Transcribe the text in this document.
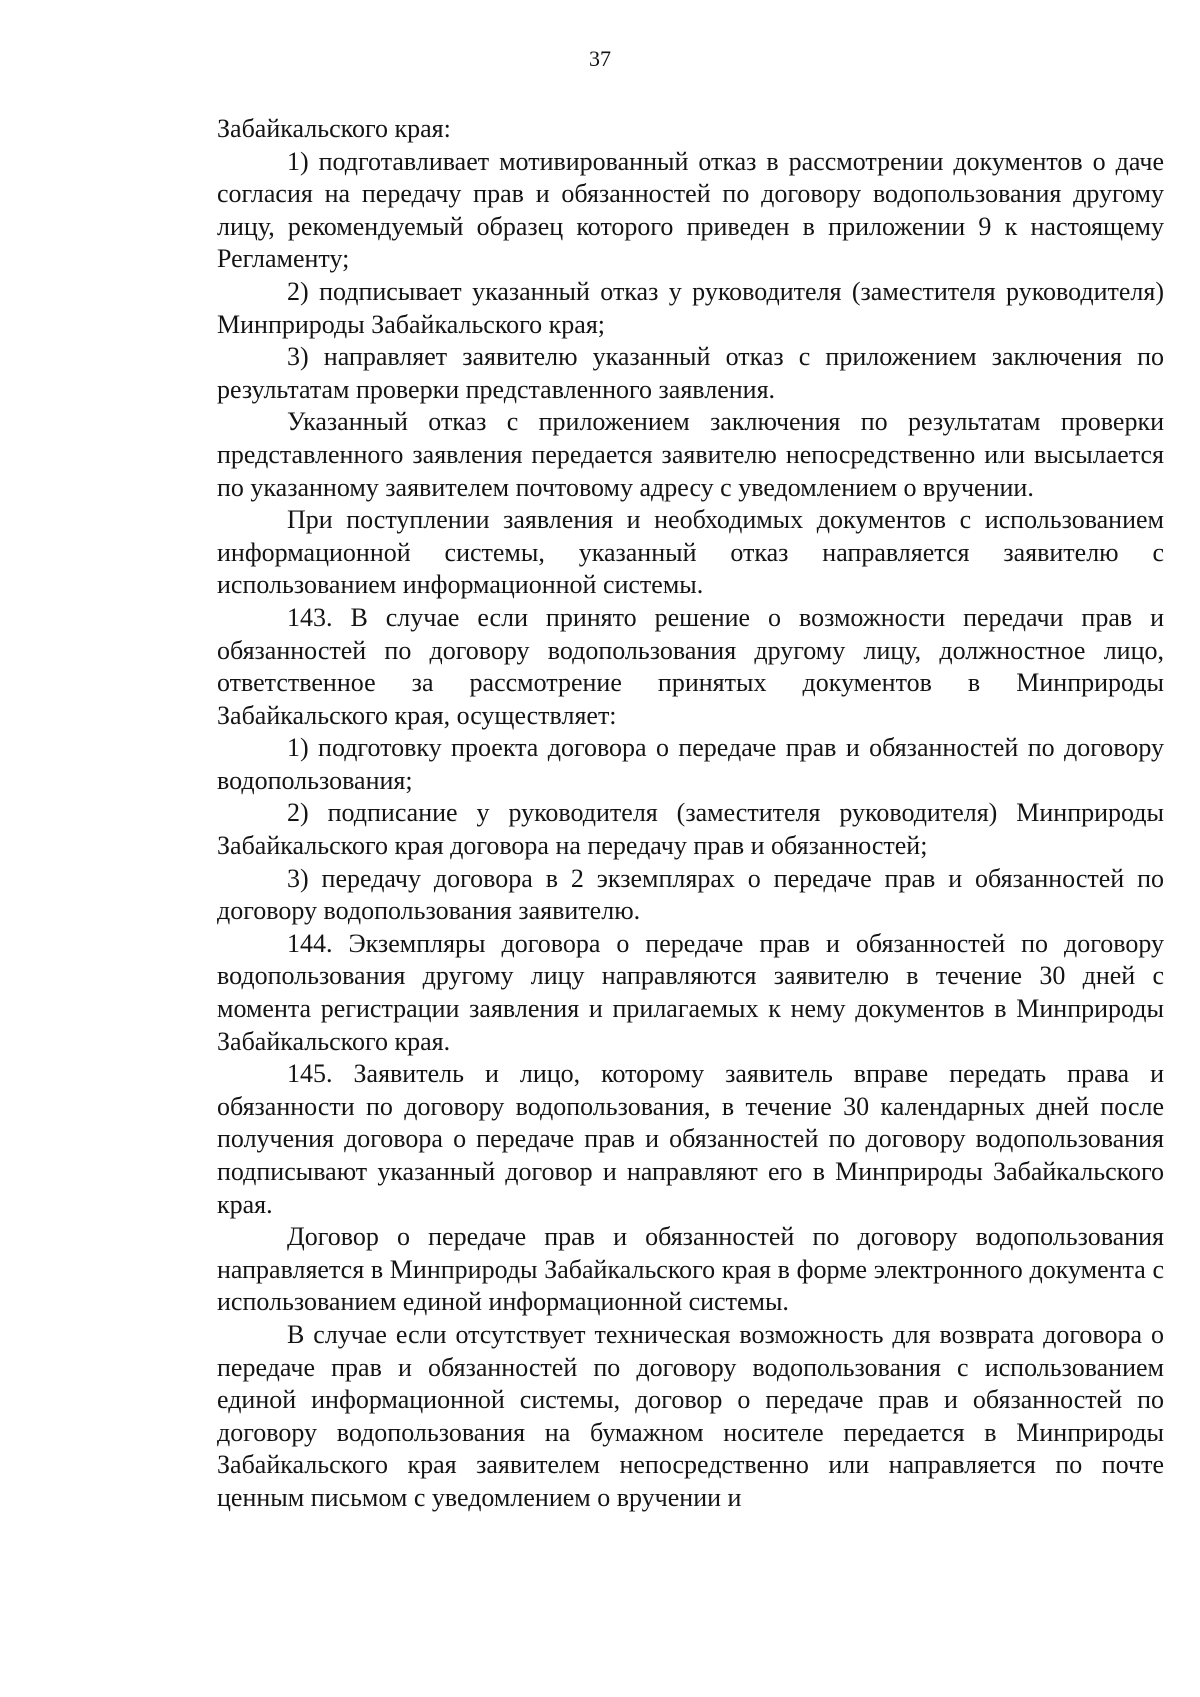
37

Забайкальского края:

1) подготавливает мотивированный отказ в рассмотрении документов о даче согласия на передачу прав и обязанностей по договору водопользования другому лицу, рекомендуемый образец которого приведен в приложении 9 к настоящему Регламенту;

2) подписывает указанный отказ у руководителя (заместителя руководителя) Минприроды Забайкальского края;

3) направляет заявителю указанный отказ с приложением заключения по результатам проверки представленного заявления.

Указанный отказ с приложением заключения по результатам проверки представленного заявления передается заявителю непосредственно или высылается по указанному заявителем почтовому адресу с уведомлением о вручении.

При поступлении заявления и необходимых документов с использованием информационной системы, указанный отказ направляется заявителю с использованием информационной системы.

143. В случае если принято решение о возможности передачи прав и обязанностей по договору водопользования другому лицу, должностное лицо, ответственное за рассмотрение принятых документов в Минприроды Забайкальского края, осуществляет:

1) подготовку проекта договора о передаче прав и обязанностей по договору водопользования;

2) подписание у руководителя (заместителя руководителя) Минприроды Забайкальского края договора на передачу прав и обязанностей;

3) передачу договора в 2 экземплярах о передаче прав и обязанностей по договору водопользования заявителю.

144. Экземпляры договора о передаче прав и обязанностей по договору водопользования другому лицу направляются заявителю в течение 30 дней с момента регистрации заявления и прилагаемых к нему документов в Минприроды Забайкальского края.

145. Заявитель и лицо, которому заявитель вправе передать права и обязанности по договору водопользования, в течение 30 календарных дней после получения договора о передаче прав и обязанностей по договору водопользования подписывают указанный договор и направляют его в Минприроды Забайкальского края.

Договор о передаче прав и обязанностей по договору водопользования направляется в Минприроды Забайкальского края в форме электронного документа с использованием единой информационной системы.

В случае если отсутствует техническая возможность для возврата договора о передаче прав и обязанностей по договору водопользования с использованием единой информационной системы, договор о передаче прав и обязанностей по договору водопользования на бумажном носителе передается в Минприроды Забайкальского края заявителем непосредственно или направляется по почте ценным письмом с уведомлением о вручении и
